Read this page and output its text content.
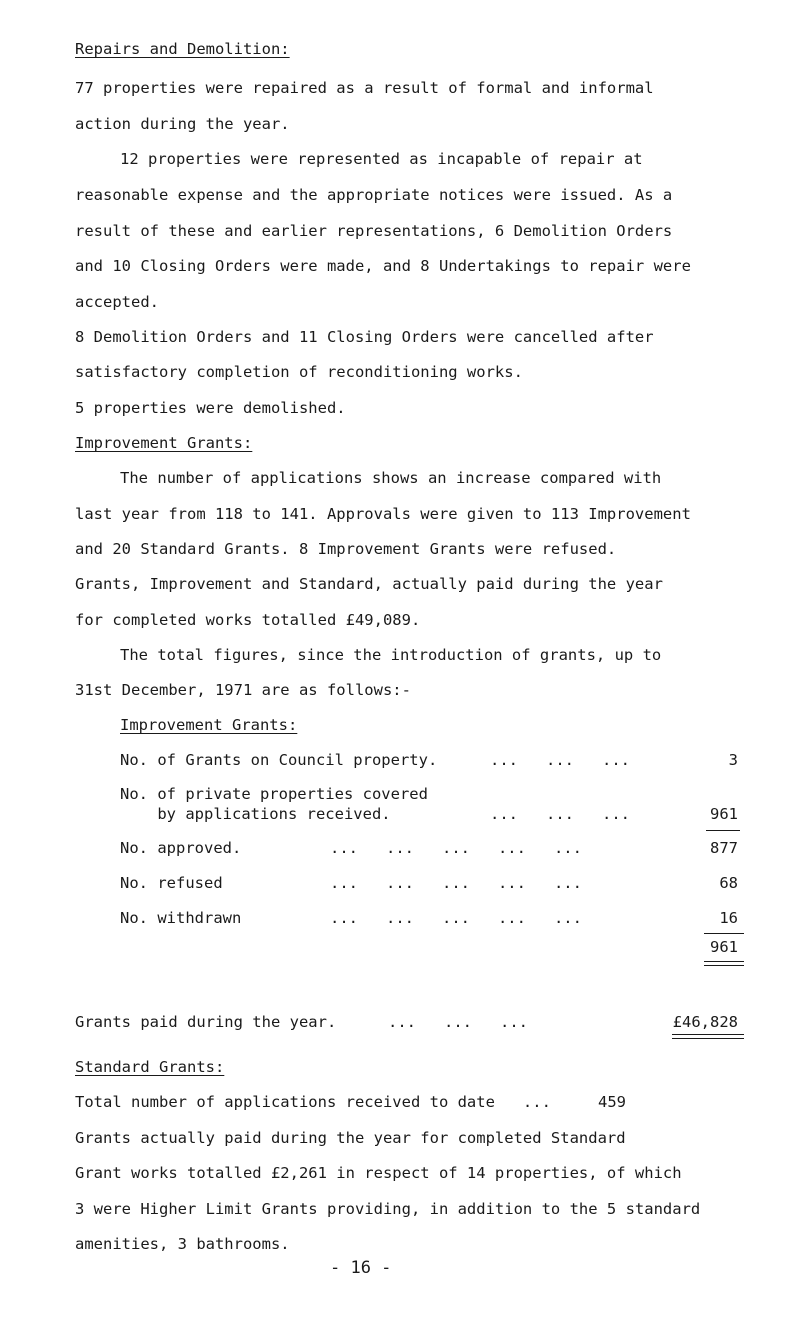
Repairs and Demolition:
77 properties were repaired as a result of formal and informal
action during the year.
12 properties were represented as incapable of repair at
reasonable expense and the appropriate notices were issued. As a
result of these and earlier representations, 6 Demolition Orders
and 10 Closing Orders were made, and 8 Undertakings to repair were
accepted.
8 Demolition Orders and 11 Closing Orders were cancelled after
satisfactory completion of reconditioning works.
5 properties were demolished.
Improvement Grants:
The number of applications shows an increase compared with
last year from 118 to 141. Approvals were given to 113 Improvement
and 20 Standard Grants. 8 Improvement Grants were refused.
Grants, Improvement and Standard, actually paid during the year
for completed works totalled £49,089.
The total figures, since the introduction of grants, up to
31st December, 1971 are as follows:-
Improvement Grants:
No. of Grants on Council property.	...   ...   ...	3
No. of private properties covered
by applications received.	...   ...   ...	961
No. approved.	...   ...   ...   ...   ...	877
No. refused	...   ...   ...   ...   ...	68
No. withdrawn	...   ...   ...   ...   ...	16
961
Grants paid during the year.	...   ...   ...	£46,828
Standard Grants:
Total number of applications received to date   ...	459
Grants actually paid during the year for completed Standard
Grant works totalled £2,261 in respect of 14 properties, of which
3 were Higher Limit Grants providing, in addition to the 5 standard
amenities, 3 bathrooms.
- 16 -
